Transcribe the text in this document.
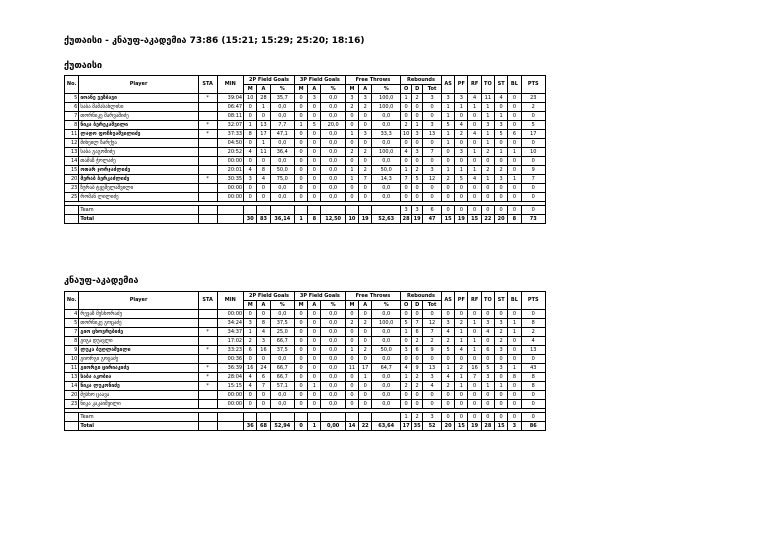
ქუთაისი - კნაუფ-აკადემია 73:86 (15:21; 15:29; 25:20; 18:16)
ქუთაისი
No.	Player	STA	MIN	2P Field Goals			3P Field Goals			Free Throws			Rebounds			AS	PF	RF	TO	ST	BL	PTS
				M	A	%	M	A	%	M	A	%	O	D	Tot							
5	იოანე ვეზბავი	*	39:04	10	28	35,7	0	3	0,0	3	3	100,0	1	2	3	3	3	4	11	4	0	23
6	საბა მამასახლისი		06:47	0	1	0,0	0	0	0,0	2	2	100,0	0	0	0	1	1	1	1	0	0	2
7	თორნიკე შარვაშიძე		08:11	0	0	0,0	0	0	0,0	0	0	0,0	0	0	0	1	0	0	1	1	0	0
8	ნიკა ბერეკაშვილი	*	32:07	1	13	7,7	1	5	20,0	0	0	0,0	2	1	3	5	4	0	3	3	0	5
11	ლადო ფოჩხუაშვილიძე	*	37:33	8	17	47,1	0	0	0,0	1	3	33,3	10	3	13	1	2	4	1	5	6	17
12	მიხეილ ზარქუა		04:50	0	1	0,0	0	0	0,0	0	0	0,0	0	0	0	1	0	0	1	0	0	0
13	საბა გაგოშიძე		20:52	4	11	36,4	0	0	0,0	2	2	100,0	4	3	7	0	3	1	2	1	1	10
14	თამაზ ჭოლაძე		00:00	0	0	0,0	0	0	0,0	0	0	0,0	0	0	0	0	0	0	0	0	0	0
15	ოთარ ჯორჯაძლიძე		20:01	4	8	50,0	0	0	0,0	1	2	50,0	1	2	3	1	1	1	2	2	0	9
20	მერაბ ბერკაძლიძე	*	30:35	3	4	75,0	0	0	0,0	1	7	14,3	7	5	12	2	5	4	1	3	1	7
23	ზურაბ ტყეშელაშვილი		00:00	0	0	0,0	0	0	0,0	0	0	0,0	0	0	0	0	0	0	0	0	0	0
25	რომან ლილიძე		00:00	0	0	0,0	0	0	0,0	0	0	0,0	0	0	0	0	0	0	0	0	0	0

	Team												3	3	6	0	0	0	0	0	0	0
	Total			30	83	36,14	1	8	12,50	10	19	52,63	28	19	47	15	19	15	22	20	8	73
კნაუფ-აკადემია
No.	Player	STA	MIN	2P Field Goals			3P Field Goals			Free Throws			Rebounds			AS	PF	RF	TO	ST	BL	PTS
				M	A	%	M	A	%	M	A	%	O	D	Tot							
4	რევაზ მესხორაძე		00:00	0	0	0,0	0	0	0,0	0	0	0,0	0	0	0	0	0	0	0	0	0	0
5	თორნიკე გოცაძე		34:24	3	8	37,5	0	0	0,0	2	2	100,0	5	7	12	3	2	1	3	3	1	8
7	გიო ცხოვრებიძე	*	34:37	1	4	25,0	0	0	0,0	0	0	0,0	1	6	7	4	1	0	4	2	1	2
8	გიგა დუავლი		17:02	2	3	66,7	0	0	0,0	0	0	0,0	0	2	2	2	1	1	0	2	0	4
9	ლუკა ბუღლაშვილი	*	33:23	6	16	37,5	0	0	0,0	1	2	50,0	3	6	9	5	4	1	6	3	0	13
10	გიორგი გოცაძე		00:36	0	0	0,0	0	0	0,0	0	0	0,0	0	0	0	0	0	0	0	0	0	0
11	გიორგი ცირიაკიძე	*	36:39	16	24	66,7	0	0	0,0	11	17	64,7	4	9	13	1	2	16	5	3	1	43
13	საბა აკობია	*	28:04	4	6	66,7	0	0	0,0	0	1	0,0	1	2	3	4	1	7	3	0	8	8
14	ნიკა ლუკონიძე	*	15:15	4	7	57,1	0	1	0,0	0	0	0,0	2	2	4	2	1	0	1	1	0	8
20	მესხო ცაავა		00:00	0	0	0,0	0	0	0,0	0	0	0,0	0	0	0	0	0	0	0	0	0	0
23	ნიკა კაკაიშვილი		00:00	0	0	0,0	0	0	0,0	0	0	0,0	0	0	0	0	0	0	0	0	0	0

	Team												1	2	3	0	0	0	0	0	0	0
	Total			36	68	52,94	0	1	0,00	14	22	63,64	17	35	52	20	15	19	28	15	3	86
